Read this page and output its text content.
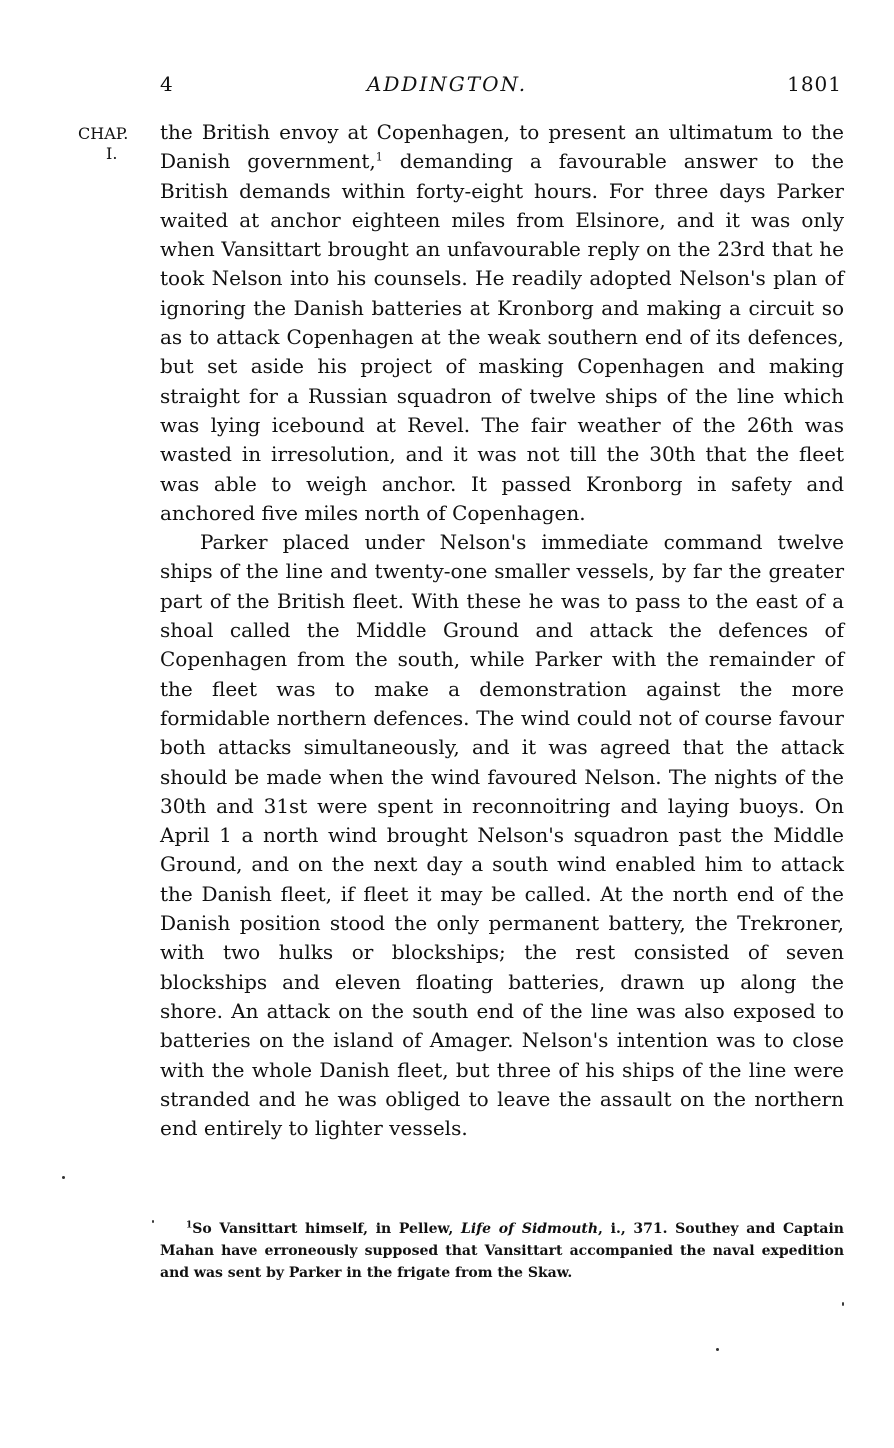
4	ADDINGTON.	1801
CHAP.
I.

the British envoy at Copenhagen, to present an ultimatum to the Danish government,$^1$ demanding a favourable answer to the British demands within forty-eight hours. For three days Parker waited at anchor eighteen miles from Elsinore, and it was only when Vansittart brought an unfavourable reply on the 23rd that he took Nelson into his counsels. He readily adopted Nelson's plan of ignoring the Danish batteries at Kronborg and making a circuit so as to attack Copenhagen at the weak southern end of its defences, but set aside his project of masking Copenhagen and making straight for a Russian squadron of twelve ships of the line which was lying icebound at Revel. The fair weather of the 26th was wasted in irresolution, and it was not till the 30th that the fleet was able to weigh anchor. It passed Kronborg in safety and anchored five miles north of Copenhagen.

Parker placed under Nelson's immediate command twelve ships of the line and twenty-one smaller vessels, by far the greater part of the British fleet. With these he was to pass to the east of a shoal called the Middle Ground and attack the defences of Copenhagen from the south, while Parker with the remainder of the fleet was to make a demonstration against the more formidable northern defences. The wind could not of course favour both attacks simultaneously, and it was agreed that the attack should be made when the wind favoured Nelson. The nights of the 30th and 31st were spent in reconnoitring and laying buoys. On April 1 a north wind brought Nelson's squadron past the Middle Ground, and on the next day a south wind enabled him to attack the Danish fleet, if fleet it may be called. At the north end of the Danish position stood the only permanent battery, the Trekroner, with two hulks or blockships; the rest consisted of seven blockships and eleven floating batteries, drawn up along the shore. An attack on the south end of the line was also exposed to batteries on the island of Amager. Nelson's intention was to close with the whole Danish fleet, but three of his ships of the line were stranded and he was obliged to leave the assault on the northern end entirely to lighter vessels.

$^1$So Vansittart himself, in Pellew, Life of Sidmouth, i., 371. Southey and Captain Mahan have erroneously supposed that Vansittart accompanied the naval expedition and was sent by Parker in the frigate from the Skaw.
